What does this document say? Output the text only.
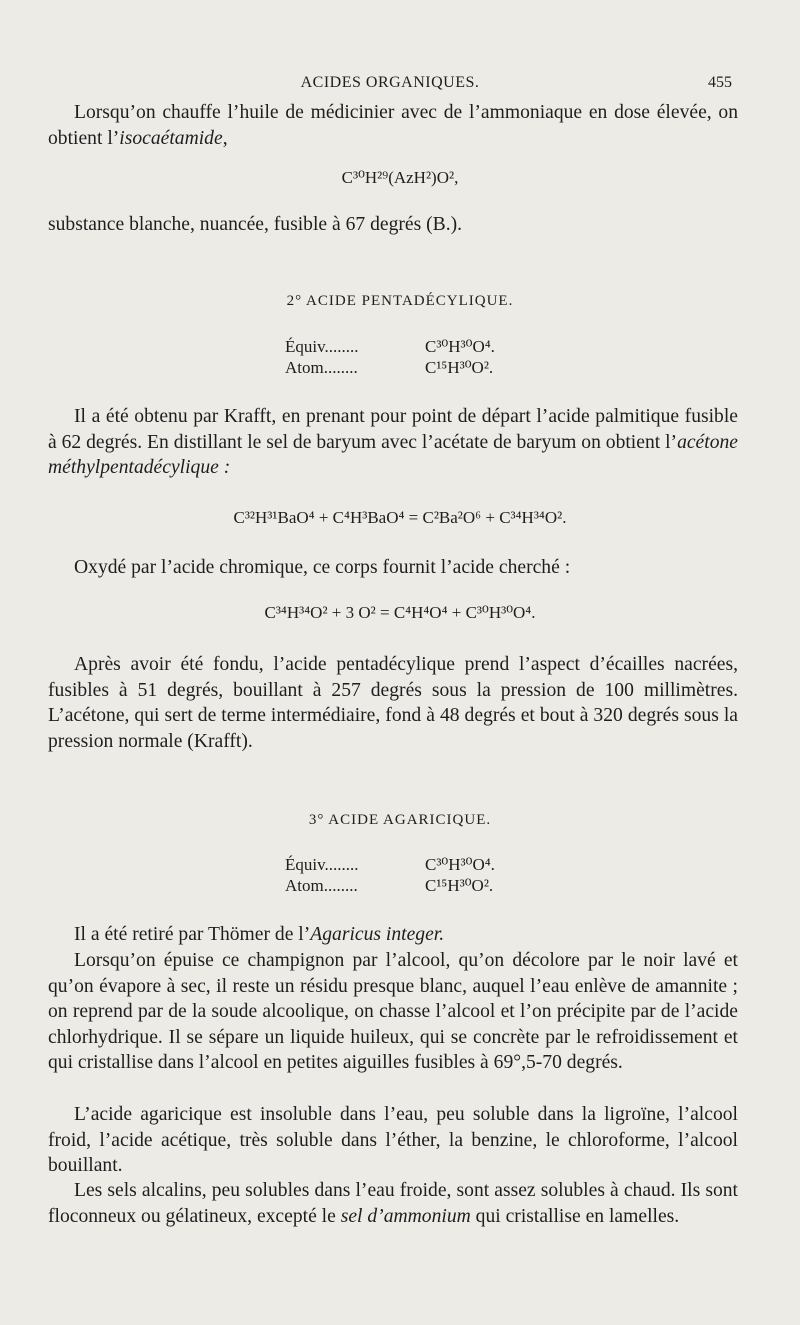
ACIDES ORGANIQUES.	455

Lorsqu’on chauffe l’huile de médicinier avec de l’ammoniaque en dose élevée, on obtient l’isocaétamide,

C³⁰H²⁹(AzH²)O²,

substance blanche, nuancée, fusible à 67 degrés (B.).

2° ACIDE PENTADÉCYLIQUE.
Équiv........	C³⁰H³⁰O⁴.
Atom........	C¹⁵H³⁰O².

Il a été obtenu par Krafft, en prenant pour point de départ l’acide palmitique fusible à 62 degrés. En distillant le sel de baryum avec l’acétate de baryum on obtient l’acétone méthylpentadécylique :

C³²H³¹BaO⁴ + C⁴H³BaO⁴ = C²Ba²O⁶ + C³⁴H³⁴O².

Oxydé par l’acide chromique, ce corps fournit l’acide cherché :

C³⁴H³⁴O² + 3 O² = C⁴H⁴O⁴ + C³⁰H³⁰O⁴.

Après avoir été fondu, l’acide pentadécylique prend l’aspect d’écailles nacrées, fusibles à 51 degrés, bouillant à 257 degrés sous la pression de 100 millimètres. L’acétone, qui sert de terme intermédiaire, fond à 48 degrés et bout à 320 degrés sous la pression normale (Krafft).

3° ACIDE AGARICIQUE.
Équiv........	C³⁰H³⁰O⁴.
Atom........	C¹⁵H³⁰O².

Il a été retiré par Thömer de l’Agaricus integer.

Lorsqu’on épuise ce champignon par l’alcool, qu’on décolore par le noir lavé et qu’on évapore à sec, il reste un résidu presque blanc, auquel l’eau enlève de amannite ; on reprend par de la soude alcoolique, on chasse l’alcool et l’on précipite par de l’acide chlorhydrique. Il se sépare un liquide huileux, qui se concrète par le refroidissement et qui cristallise dans l’alcool en petites aiguilles fusibles à 69°,5-70 degrés.

L’acide agaricique est insoluble dans l’eau, peu soluble dans la ligroïne, l’alcool froid, l’acide acétique, très soluble dans l’éther, la benzine, le chloroforme, l’alcool bouillant.

Les sels alcalins, peu solubles dans l’eau froide, sont assez solubles à chaud. Ils sont floconneux ou gélatineux, excepté le sel d’ammonium qui cristallise en lamelles.
